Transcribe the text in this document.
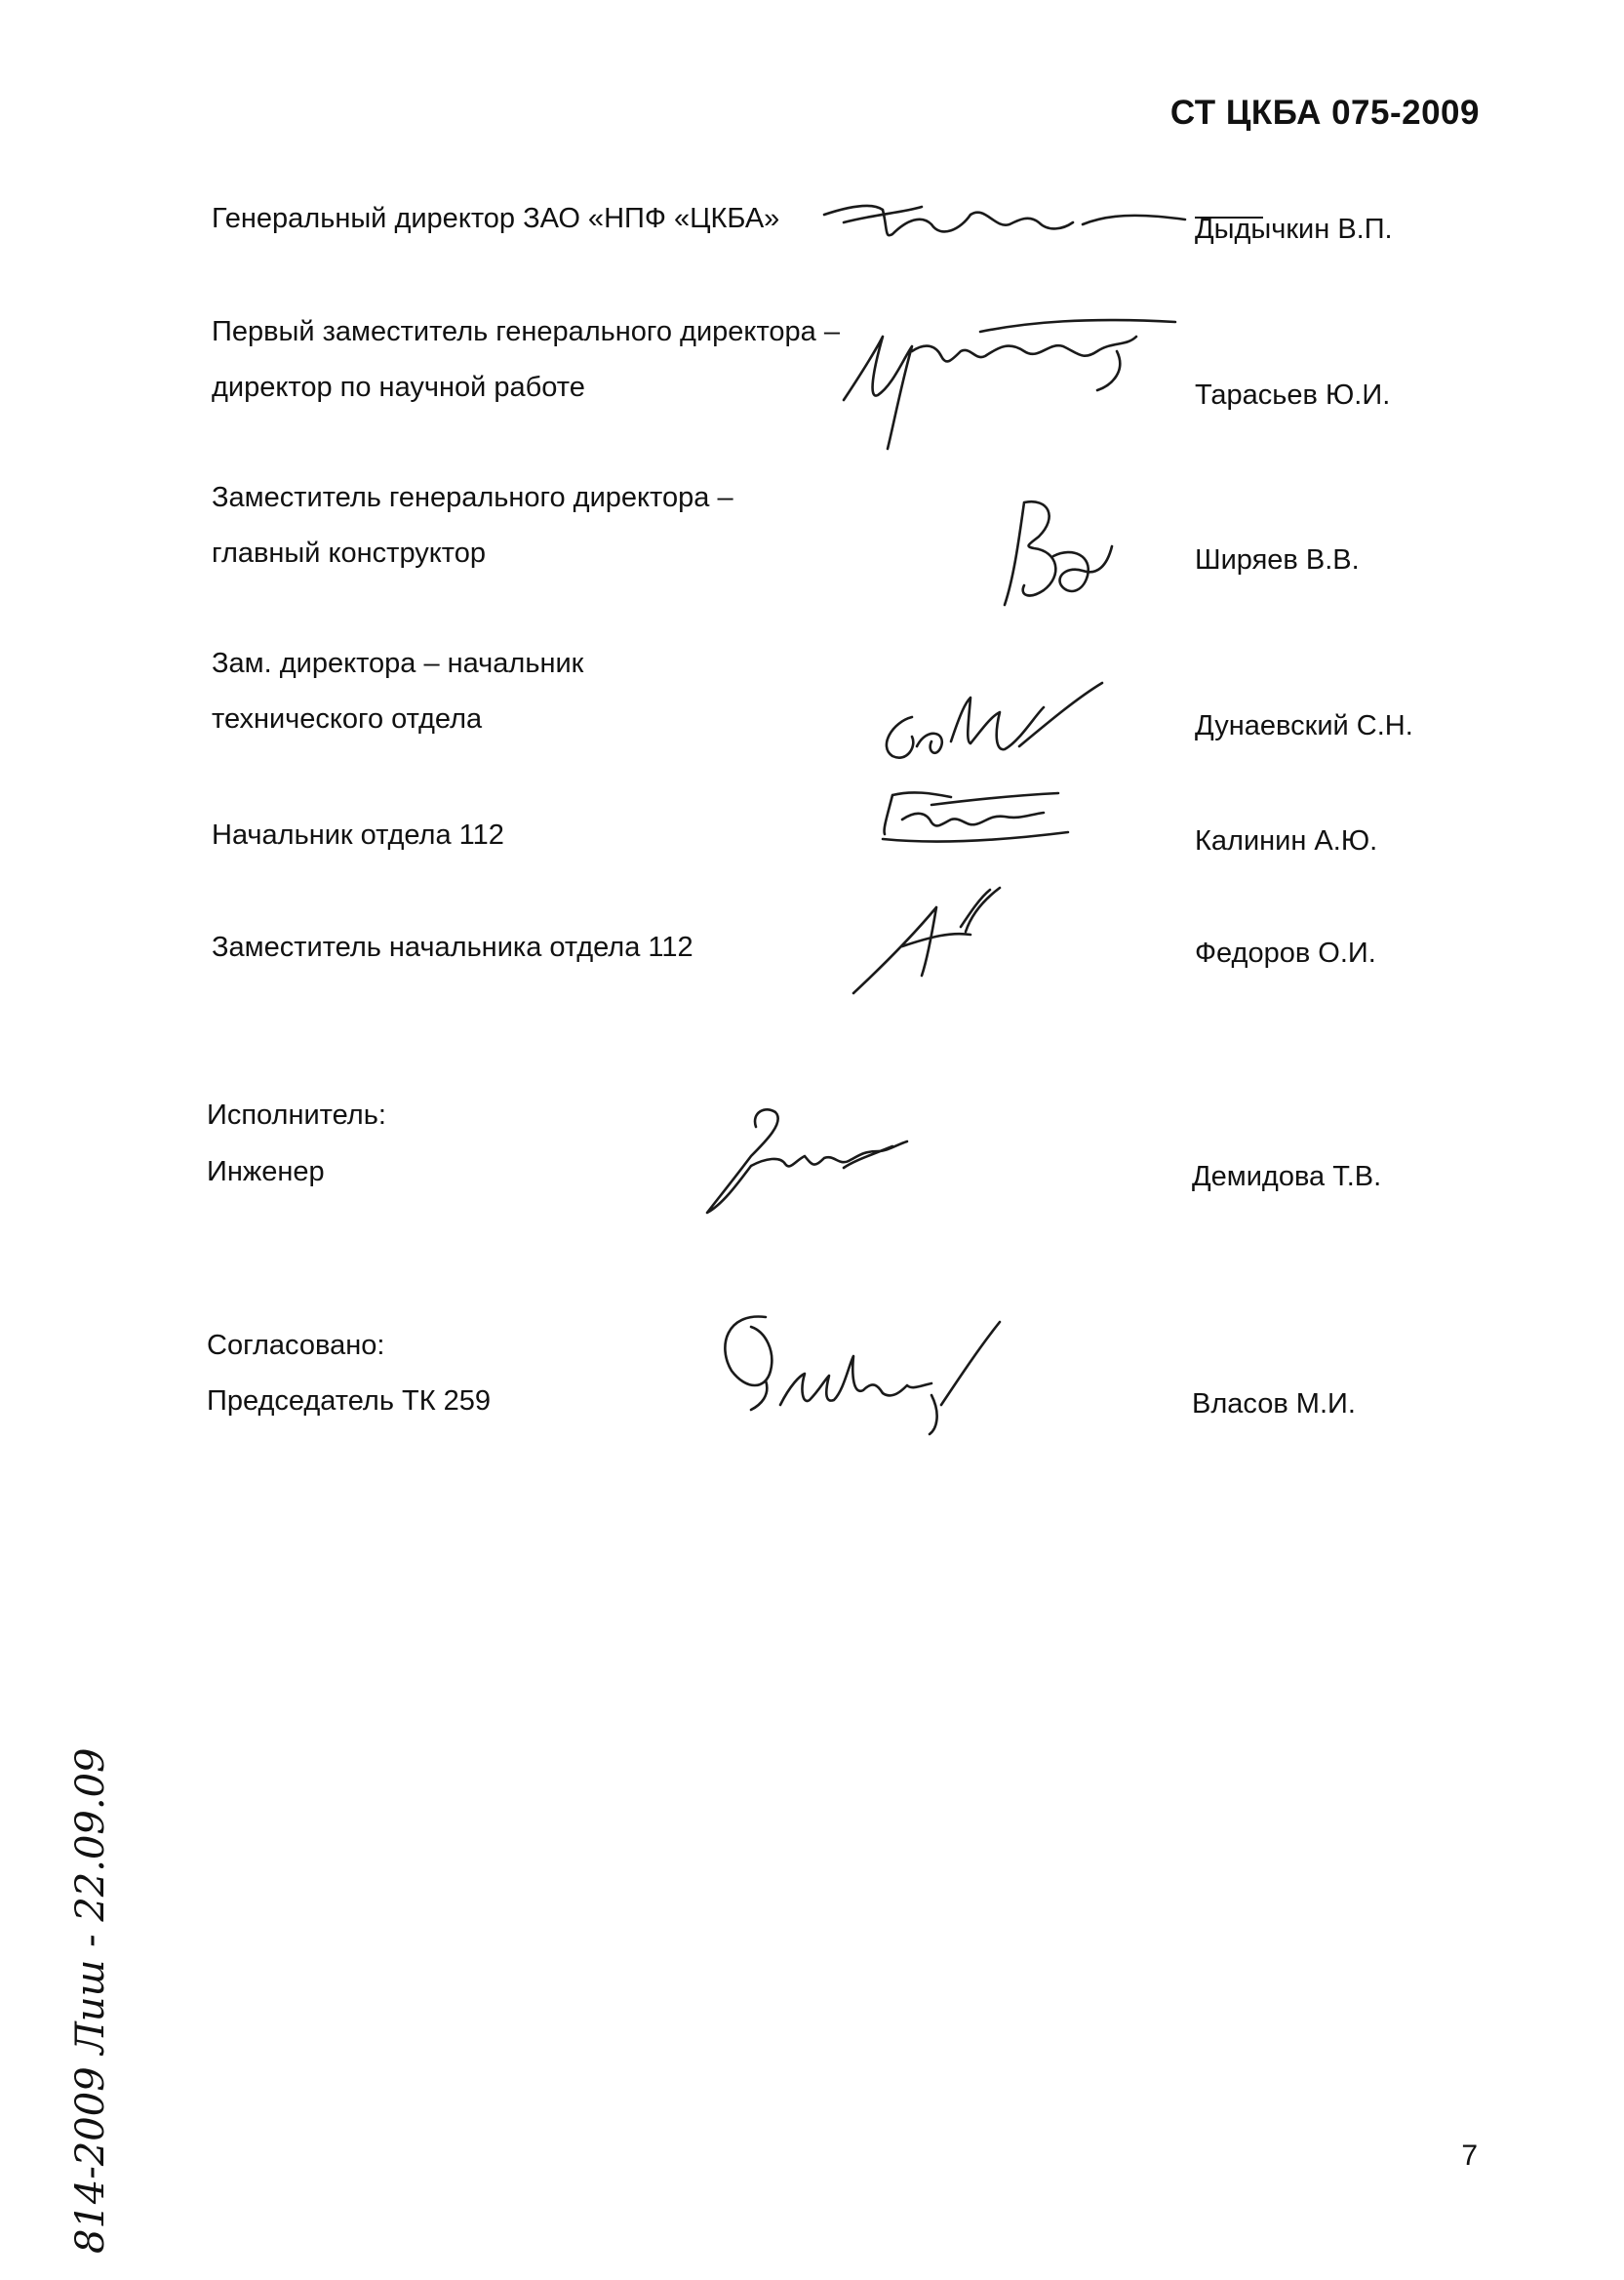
СТ ЦКБА 075-2009
Генеральный директор ЗАО «НПФ «ЦКБА»	Дыдычкин В.П.
Первый заместитель генерального директора –
директор по научной работе	Тарасьев Ю.И.
Заместитель генерального директора –
главный конструктор	Ширяев В.В.
Зам. директора – начальник
технического отдела	Дунаевский С.Н.
Начальник отдела 112	Калинин А.Ю.
Заместитель начальника отдела 112	Федоров О.И.
Исполнитель:
Инженер	Демидова Т.В.
Согласовано:
Председатель ТК 259	Власов М.И.
7
814-2009 Лиш - 22.09.09
